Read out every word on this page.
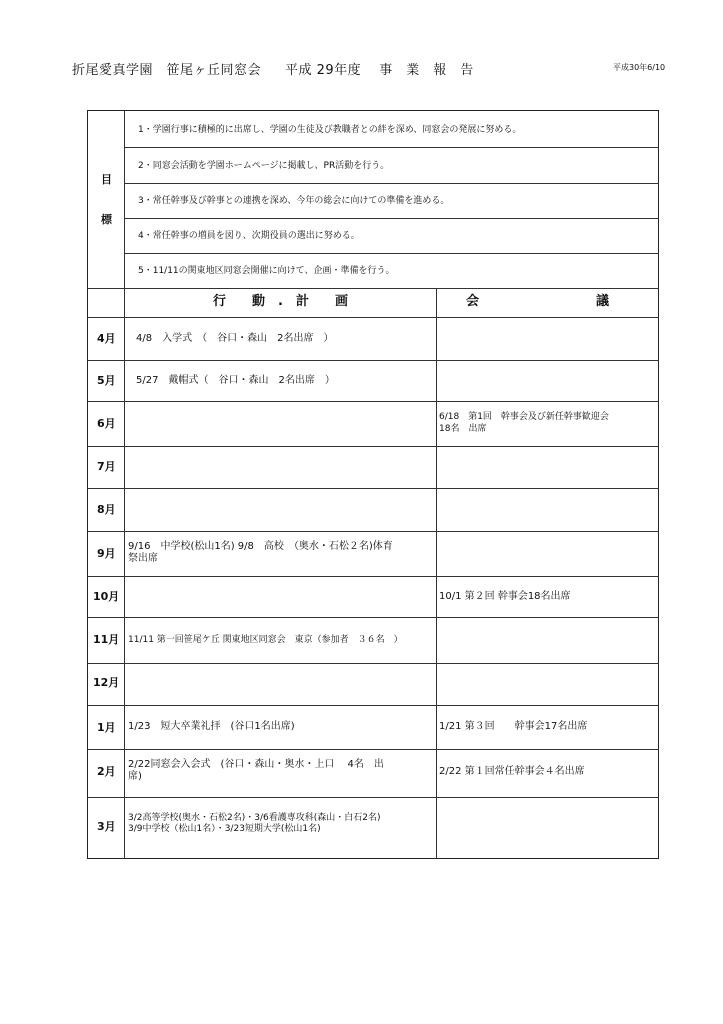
折尾愛真学園　笹尾ヶ丘同窓会 平成 29年度　 事　業　報　告	平成30年6/10
目
標
1・学園行事に積極的に出席し、学園の生徒及び教職者との絆を深め、同窓会の発展に努める。
2・同窓会活動を学園ホームページに掲載し、PR活動を行う。
3・常任幹事及び幹事との連携を深め、今年の総会に向けての準備を進める。
4・常任幹事の増員を図り、次期役員の選出に努める。
5・11/11の関東地区同窓会開催に向けて、企画・準備を行う。
行　　動　.　計　　画	会　　　　　　　　　議
4月
5月
6月
7月
8月
9月
10月
11月
12月
1月
2月
3月
4/8　入学式　（　谷口・森山　2名出席　）
5/27　戴帽式（　谷口・森山　2名出席　）
9/16　中学校(松山1名) 9/8　高校　（奥水・石松２名)体育
祭出席
11/11 第一回笹尾ケ丘 関東地区同窓会　東京（参加者　３６名　）
1/23　短大卒業礼拝　(谷口1名出席)
2/22同窓会入会式　(谷口・森山・奥水・上口　 4名　出
席)
3/2高等学校(奥水・石松2名)・3/6看護専攻科(森山・白石2名)
3/9中学校（松山1名）・3/23短期大学(松山1名)
6/18　第1回　幹事会及び新任幹事歓迎会
18名　出席
10/1 第２回 幹事会18名出席
1/21 第３回　　幹事会17名出席
2/22 第１回常任幹事会４名出席
